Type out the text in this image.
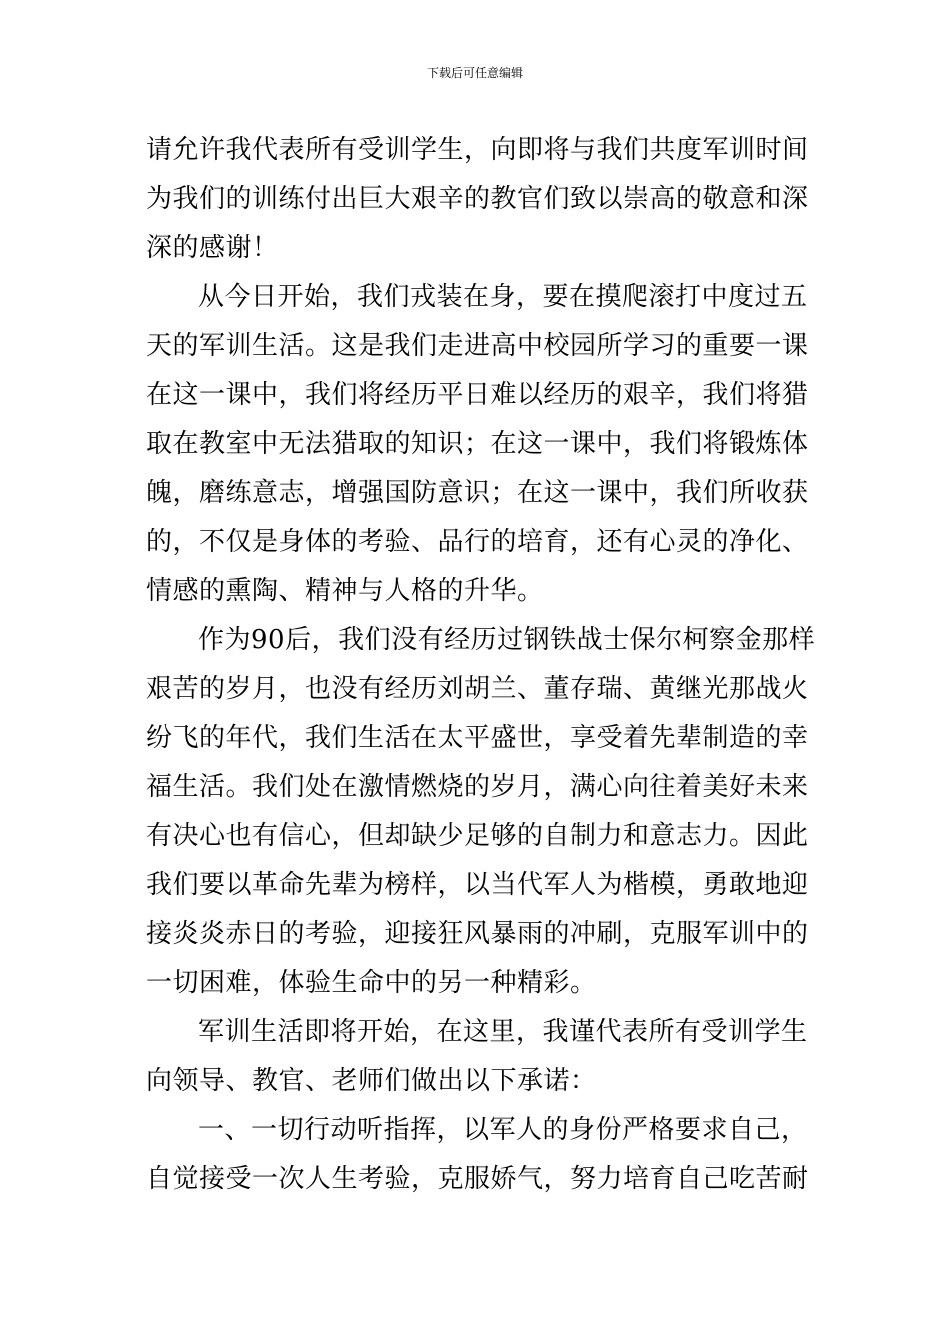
下载后可任意编辑
请允许我代表所有受训学生，向即将与我们共度军训时间
为我们的训练付出巨大艰辛的教官们致以崇高的敬意和深
深的感谢！
从今日开始，我们戎装在身，要在摸爬滚打中度过五
天的军训生活。这是我们走进高中校园所学习的重要一课
在这一课中，我们将经历平日难以经历的艰辛，我们将猎
取在教室中无法猎取的知识；在这一课中，我们将锻炼体
魄，磨练意志，增强国防意识；在这一课中，我们所收获
的，不仅是身体的考验、品行的培育，还有心灵的净化、
情感的熏陶、精神与人格的升华。
作为90后，我们没有经历过钢铁战士保尔柯察金那样
艰苦的岁月，也没有经历刘胡兰、董存瑞、黄继光那战火
纷飞的年代，我们生活在太平盛世，享受着先辈制造的幸
福生活。我们处在激情燃烧的岁月，满心向往着美好未来
有决心也有信心，但却缺少足够的自制力和意志力。因此
我们要以革命先辈为榜样，以当代军人为楷模，勇敢地迎
接炎炎赤日的考验，迎接狂风暴雨的冲刷，克服军训中的
一切困难，体验生命中的另一种精彩。
军训生活即将开始，在这里，我谨代表所有受训学生
向领导、教官、老师们做出以下承诺：
一、一切行动听指挥，以军人的身份严格要求自己，
自觉接受一次人生考验，克服娇气，努力培育自己吃苦耐
